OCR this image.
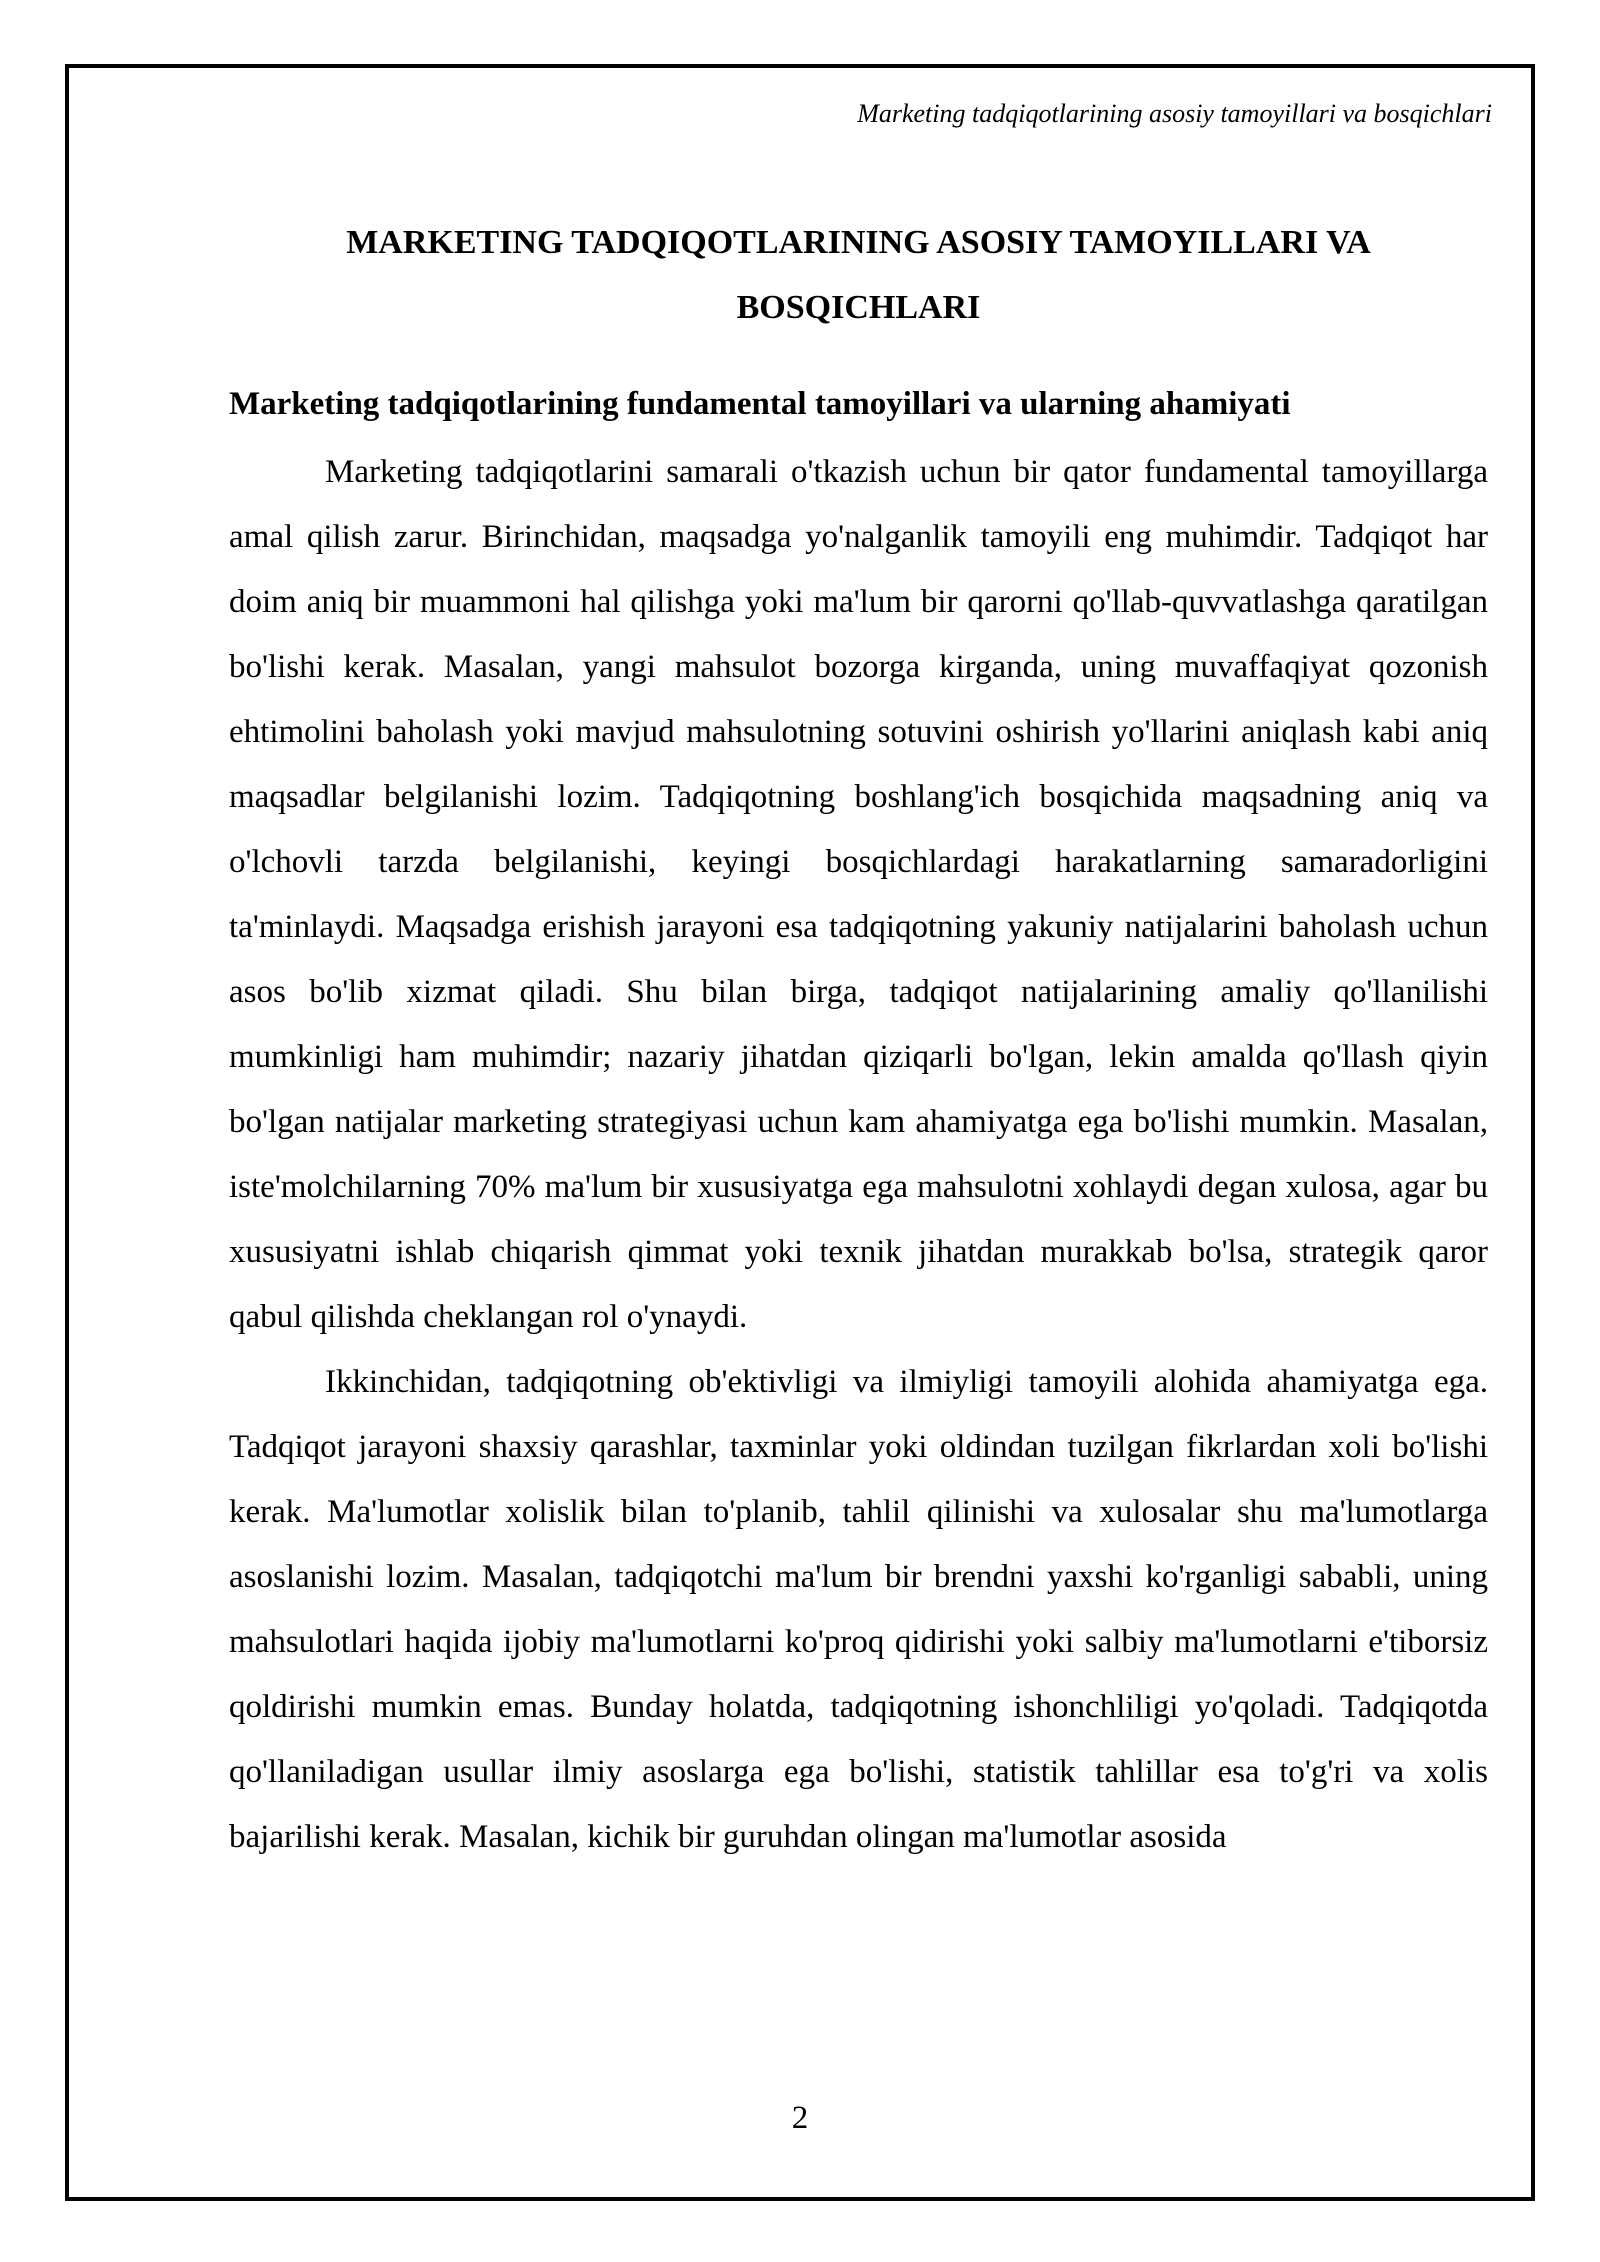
Marketing tadqiqotlarining asosiy tamoyillari va bosqichlari
MARKETING TADQIQOTLARINING ASOSIY TAMOYILLARI VA BOSQICHLARI
Marketing tadqiqotlarining fundamental tamoyillari va ularning ahamiyati

Marketing tadqiqotlarini samarali o'tkazish uchun bir qator fundamental tamoyillarga amal qilish zarur. Birinchidan, maqsadga yo'nalganlik tamoyili eng muhimdir. Tadqiqot har doim aniq bir muammoni hal qilishga yoki ma'lum bir qarorni qo'llab-quvvatlashga qaratilgan bo'lishi kerak. Masalan, yangi mahsulot bozorga kirganda, uning muvaffaqiyat qozonish ehtimolini baholash yoki mavjud mahsulotning sotuvini oshirish yo'llarini aniqlash kabi aniq maqsadlar belgilanishi lozim. Tadqiqotning boshlang'ich bosqichida maqsadning aniq va o'lchovli tarzda belgilanishi, keyingi bosqichlardagi harakatlarning samaradorligini ta'minlaydi. Maqsadga erishish jarayoni esa tadqiqotning yakuniy natijalarini baholash uchun asos bo'lib xizmat qiladi. Shu bilan birga, tadqiqot natijalarining amaliy qo'llanilishi mumkinligi ham muhimdir; nazariy jihatdan qiziqarli bo'lgan, lekin amalda qo'llash qiyin bo'lgan natijalar marketing strategiyasi uchun kam ahamiyatga ega bo'lishi mumkin. Masalan, iste'molchilarning 70% ma'lum bir xususiyatga ega mahsulotni xohlaydi degan xulosa, agar bu xususiyatni ishlab chiqarish qimmat yoki texnik jihatdan murakkab bo'lsa, strategik qaror qabul qilishda cheklangan rol o'ynaydi.

Ikkinchidan, tadqiqotning ob'ektivligi va ilmiyligi tamoyili alohida ahamiyatga ega. Tadqiqot jarayoni shaxsiy qarashlar, taxminlar yoki oldindan tuzilgan fikrlardan xoli bo'lishi kerak. Ma'lumotlar xolislik bilan to'planib, tahlil qilinishi va xulosalar shu ma'lumotlarga asoslanishi lozim. Masalan, tadqiqotchi ma'lum bir brendni yaxshi ko'rganligi sababli, uning mahsulotlari haqida ijobiy ma'lumotlarni ko'proq qidirishi yoki salbiy ma'lumotlarni e'tiborsiz qoldirishi mumkin emas. Bunday holatda, tadqiqotning ishonchliligi yo'qoladi. Tadqiqotda qo'llaniladigan usullar ilmiy asoslarga ega bo'lishi, statistik tahlillar esa to'g'ri va xolis bajarilishi kerak. Masalan, kichik bir guruhdan olingan ma'lumotlar asosida

2
